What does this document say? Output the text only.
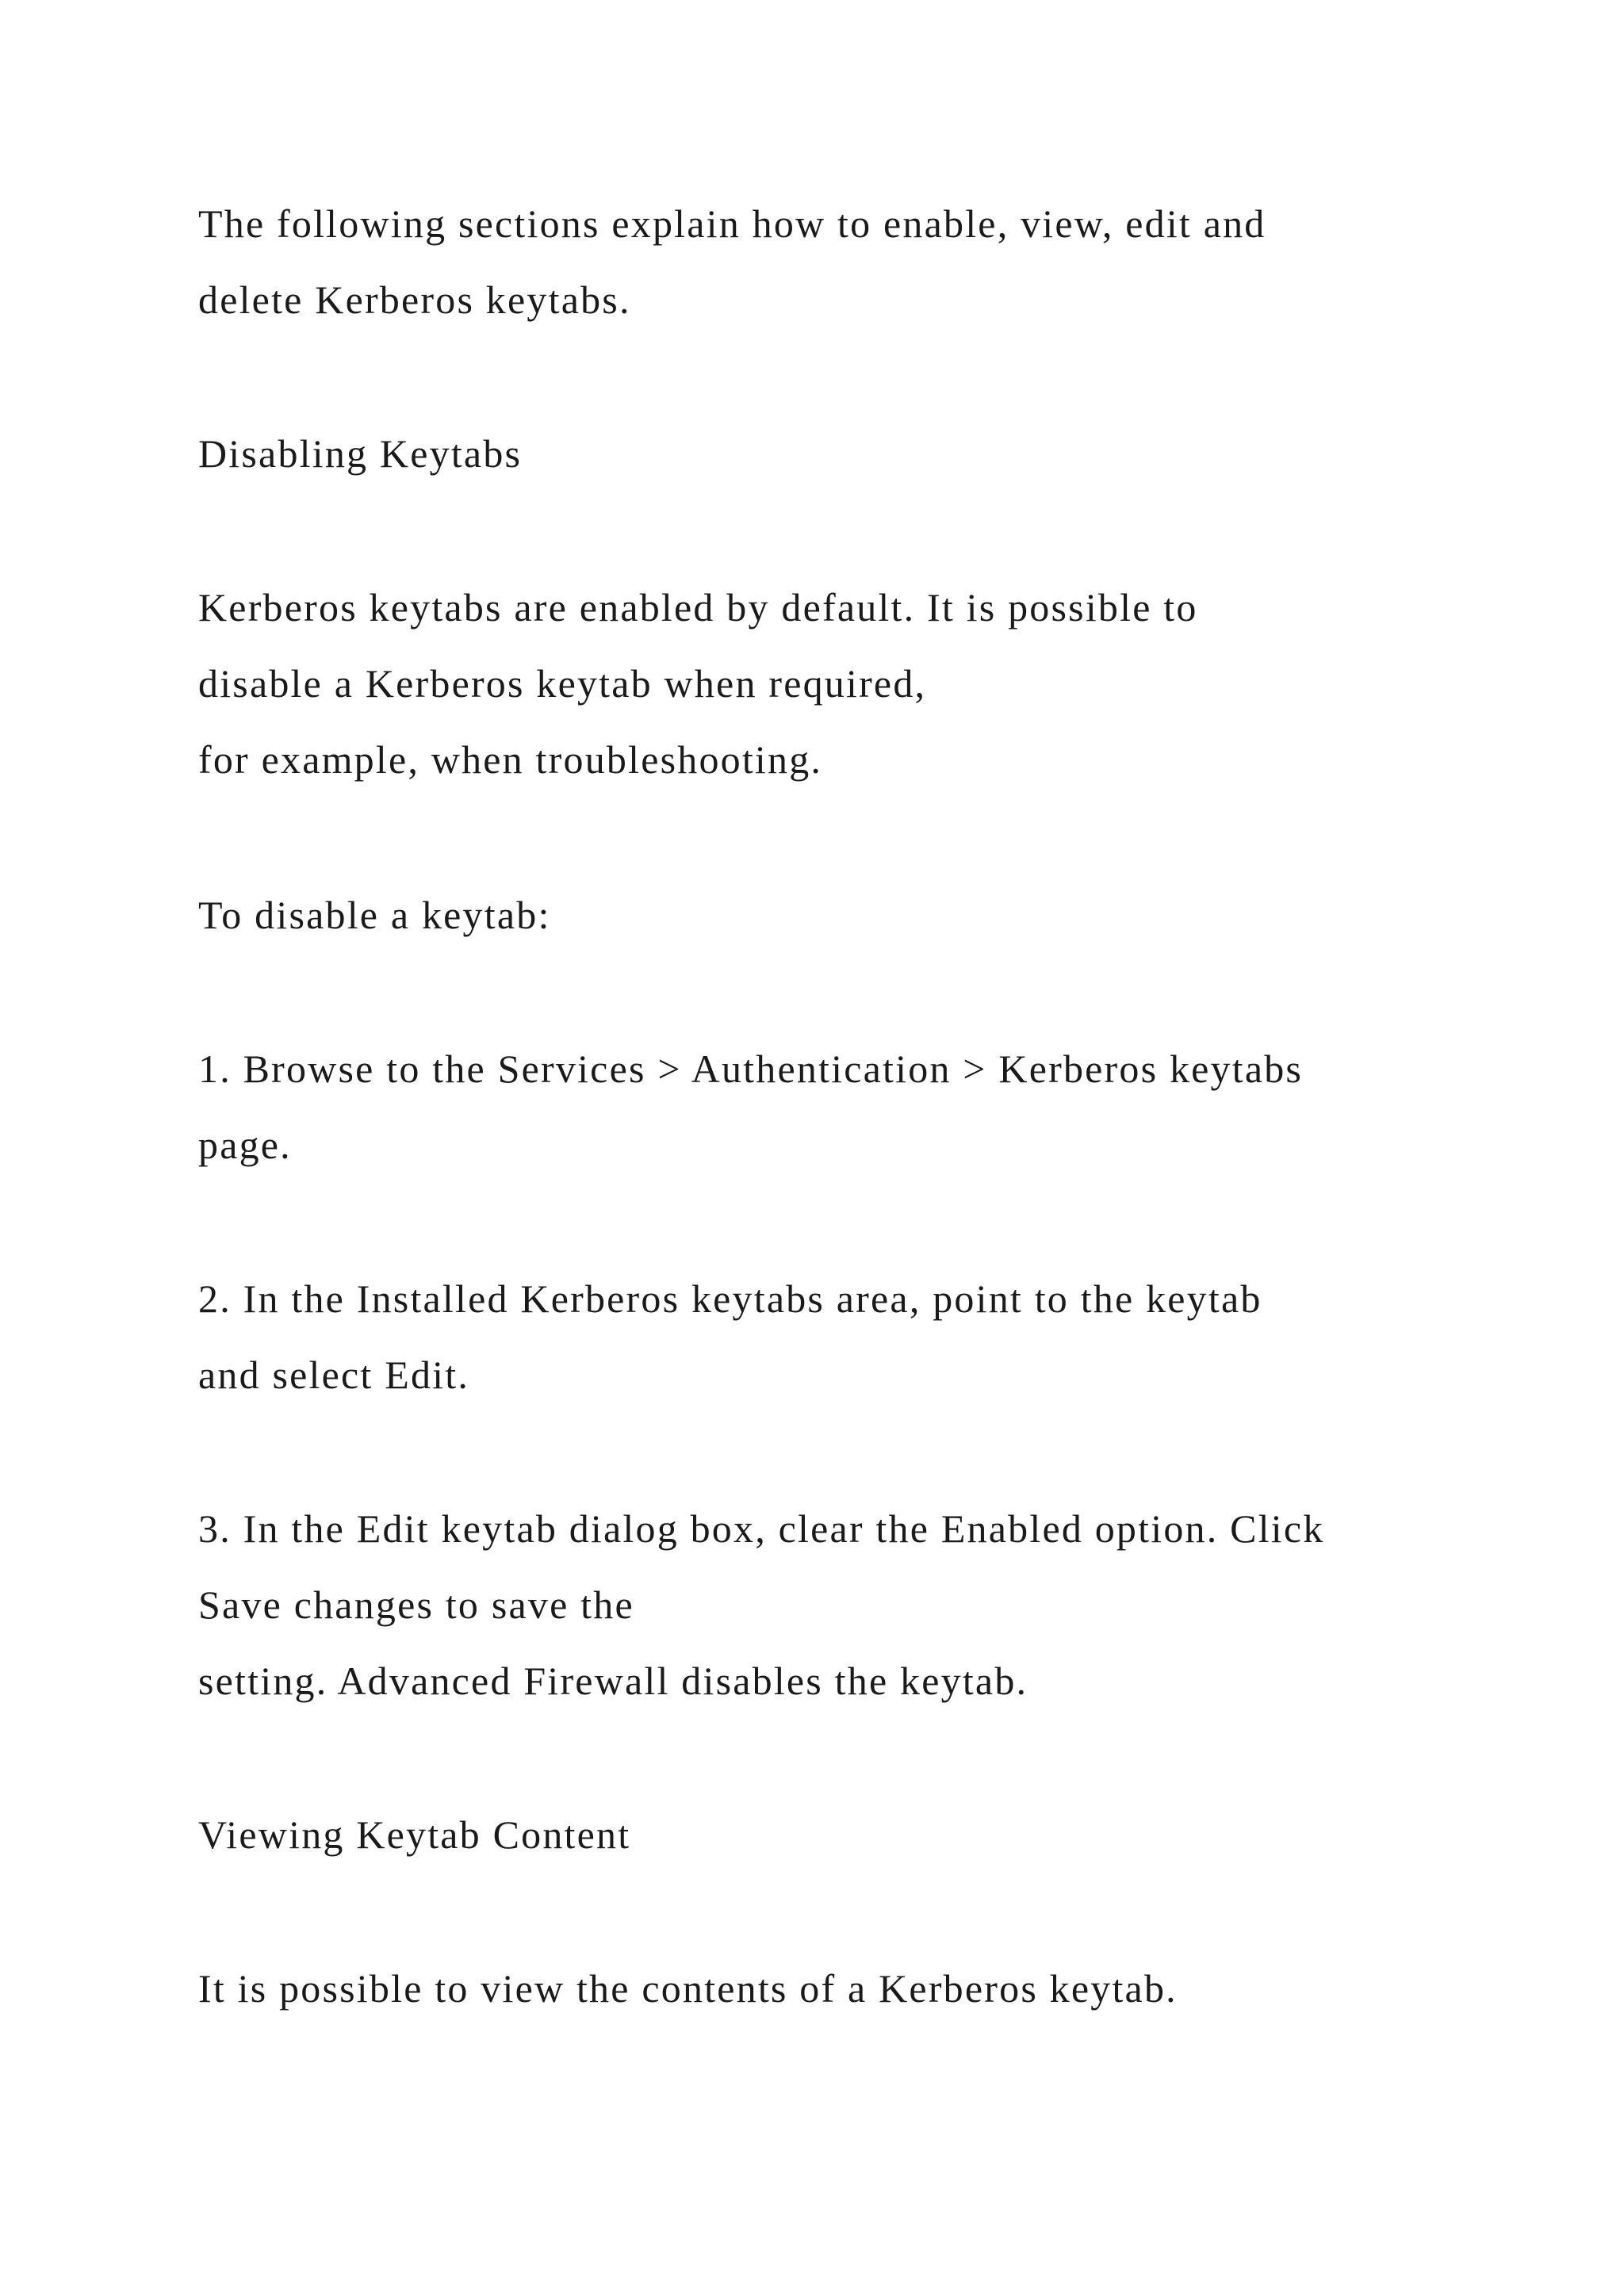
The following sections explain how to enable, view, edit and

delete Kerberos keytabs.

Disabling Keytabs

Kerberos keytabs are enabled by default. It is possible to

disable a Kerberos keytab when required,

for example, when troubleshooting.

To disable a keytab:

1. Browse to the Services > Authentication > Kerberos keytabs

page.

2. In the Installed Kerberos keytabs area, point to the keytab

and select Edit.

3. In the Edit keytab dialog box, clear the Enabled option. Click

Save changes to save the

setting. Advanced Firewall disables the keytab.

Viewing Keytab Content

It is possible to view the contents of a Kerberos keytab.
